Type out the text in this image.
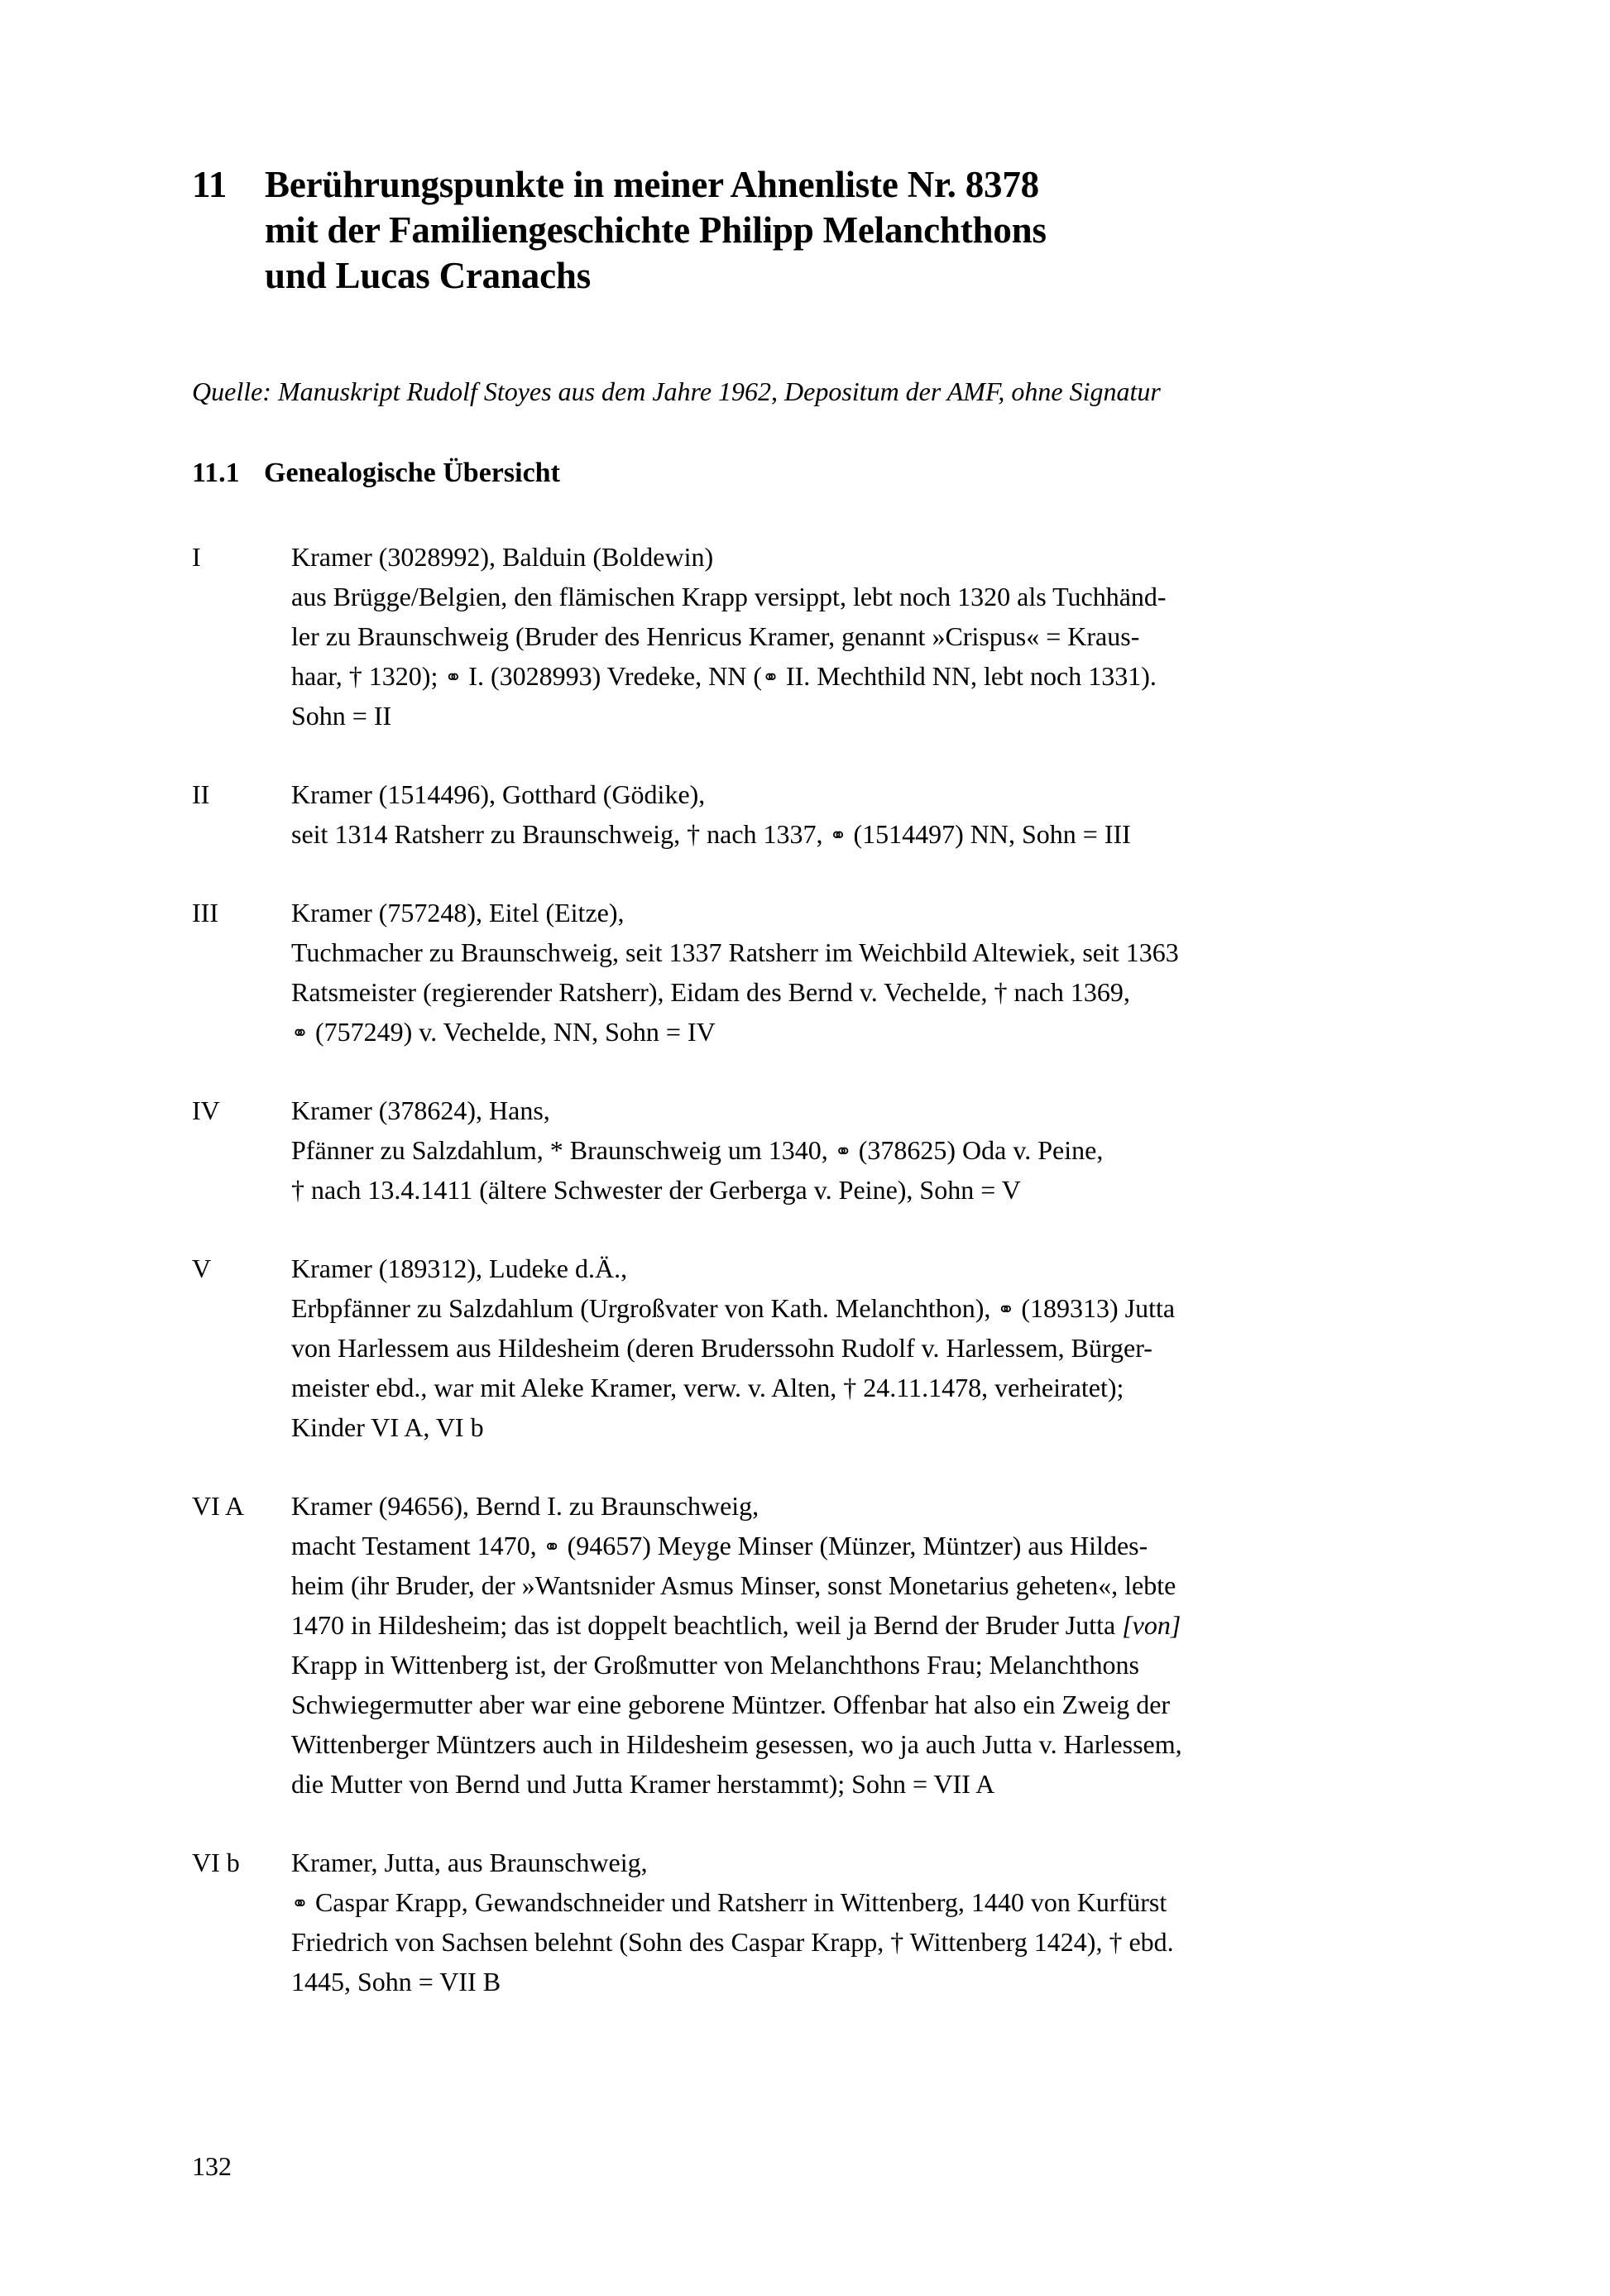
11	Berührungspunkte in meiner Ahnenliste Nr. 8378
mit der Familiengeschichte Philipp Melanchthons
und Lucas Cranachs
Quelle: Manuskript Rudolf Stoyes aus dem Jahre 1962, Depositum der AMF, ohne Signatur
11.1 Genealogische Übersicht
I	Kramer (3028992), Balduin (Boldewin)
aus Brügge/Belgien, den flämischen Krapp versippt, lebt noch 1320 als Tuchhänd-
ler zu Braunschweig (Bruder des Henricus Kramer, genannt »Crispus« = Kraus-
haar, † 1320); ⚭ I. (3028993) Vredeke, NN (⚭ II. Mechthild NN, lebt noch 1331).
Sohn = II
II	Kramer (1514496), Gotthard (Gödike),
seit 1314 Ratsherr zu Braunschweig, † nach 1337, ⚭ (1514497) NN, Sohn = III
III	Kramer (757248), Eitel (Eitze),
Tuchmacher zu Braunschweig, seit 1337 Ratsherr im Weichbild Altewiek, seit 1363
Ratsmeister (regierender Ratsherr), Eidam des Bernd v. Vechelde, † nach 1369,
⚭ (757249) v. Vechelde, NN, Sohn = IV
IV	Kramer (378624), Hans,
Pfänner zu Salzdahlum, * Braunschweig um 1340, ⚭ (378625) Oda v. Peine,
† nach 13.4.1411 (ältere Schwester der Gerberga v. Peine), Sohn = V
V	Kramer (189312), Ludeke d.Ä.,
Erbpfänner zu Salzdahlum (Urgroßvater von Kath. Melanchthon), ⚭ (189313) Jutta
von Harlessem aus Hildesheim (deren Bruderssohn Rudolf v. Harlessem, Bürger-
meister ebd., war mit Aleke Kramer, verw. v. Alten, † 24.11.1478, verheiratet);
Kinder VI A, VI b
VI A	Kramer (94656), Bernd I. zu Braunschweig,
macht Testament 1470, ⚭ (94657) Meyge Minser (Münzer, Müntzer) aus Hildes-
heim (ihr Bruder, der »Wantsnider Asmus Minser, sonst Monetarius geheten«, lebte
1470 in Hildesheim; das ist doppelt beachtlich, weil ja Bernd der Bruder Jutta [von]
Krapp in Wittenberg ist, der Großmutter von Melanchthons Frau; Melanchthons
Schwiegermutter aber war eine geborene Müntzer. Offenbar hat also ein Zweig der
Wittenberger Müntzers auch in Hildesheim gesessen, wo ja auch Jutta v. Harlessem,
die Mutter von Bernd und Jutta Kramer herstammt); Sohn = VII A
VI b	Kramer, Jutta, aus Braunschweig,
⚭ Caspar Krapp, Gewandschneider und Ratsherr in Wittenberg, 1440 von Kurfürst
Friedrich von Sachsen belehnt (Sohn des Caspar Krapp, † Wittenberg 1424), † ebd.
1445, Sohn = VII B
132
